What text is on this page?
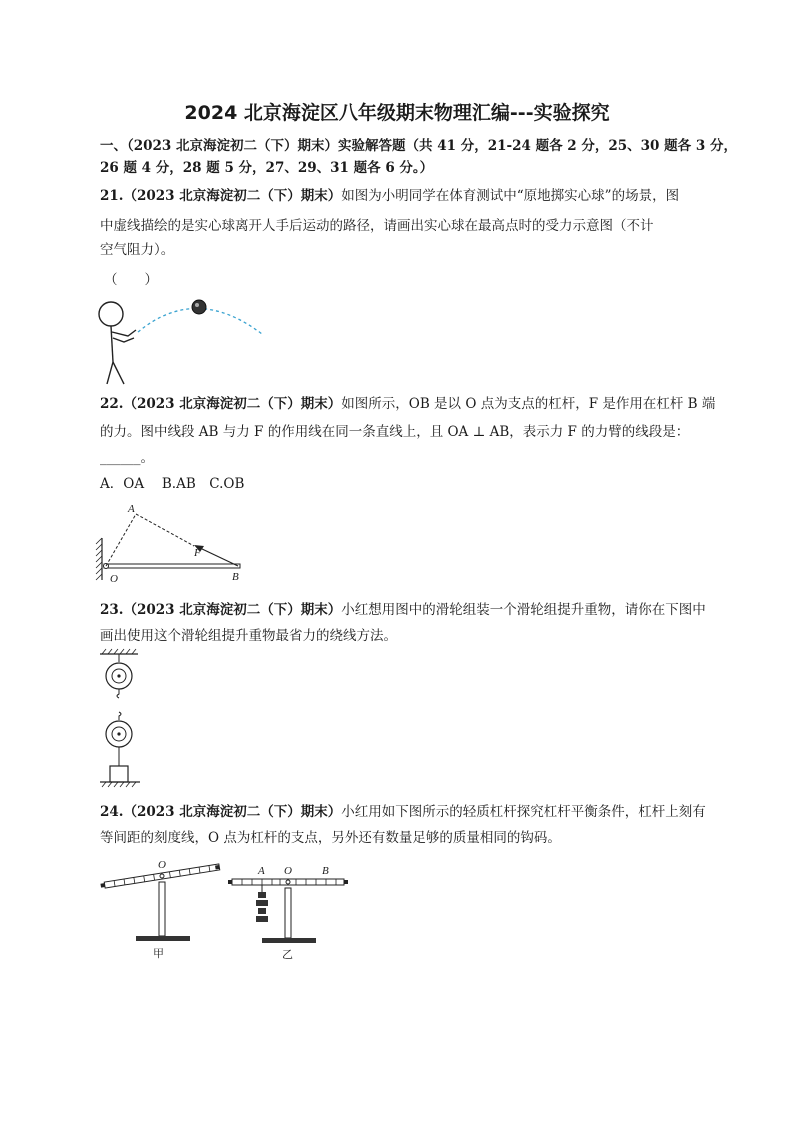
2024 北京海淀区八年级期末物理汇编---实验探究
一、（2023 北京海淀初二（下）期末）实验解答题（共 41 分，21-24 题各 2 分，25、30 题各 3 分，
26 题 4 分，28 题 5 分，27、29、31 题各 6 分。）
21.（2023 北京海淀初二（下）期末）如图为小明同学在体育测试中“原地掷实心球”的场景，图
中虚线描绘的是实心球离开人手后运动的路径，请画出实心球在最高点时的受力示意图（不计
空气阻力）。
（　　）
22.（2023 北京海淀初二（下）期末）如图所示，OB 是以 O 点为支点的杠杆，F 是作用在杠杆 B 端
的力。图中线段 AB 与力 F 的作用线在同一条直线上，且 OA ⊥ AB，表示力 F 的力臂的线段是：
______。
A．OA　 B.AB　C.OB
A
F
O	B
23.（2023 北京海淀初二（下）期末）小红想用图中的滑轮组装一个滑轮组提升重物，请你在下图中
画出使用这个滑轮组提升重物最省力的绕线方法。
24.（2023 北京海淀初二（下）期末）小红用如下图所示的轻质杠杆探究杠杆平衡条件，杠杆上刻有
等间距的刻度线，O 点为杠杆的支点，另外还有数量足够的质量相同的钩码。
O
甲
A O	B
乙
